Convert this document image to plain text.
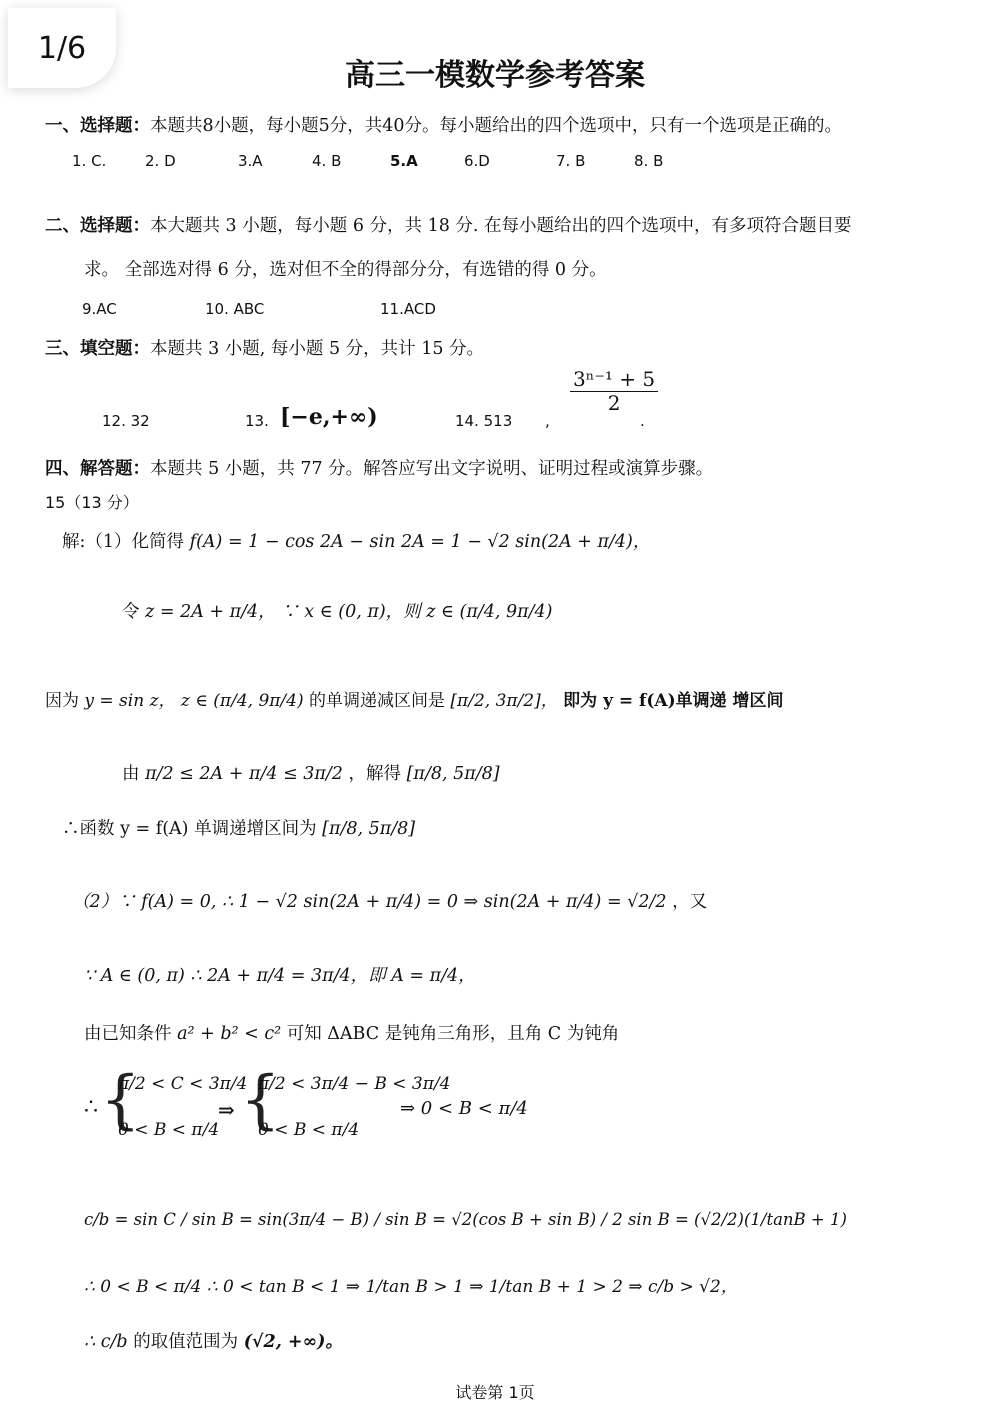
1/6
高三一模数学参考答案
一、选择题：本题共8小题，每小题5分，共40分。每小题给出的四个选项中，只有一个选项是正确的。
1. C.	2. D	3.A	4. B	5.A	6.D	7. B	8. B
二、选择题：本大题共 3 小题，每小题 6 分，共 18 分. 在每小题给出的四个选项中，有多项符合题目要
求。 全部选对得 6 分，选对但不全的得部分分，有选错的得 0 分。
9.AC	10. ABC	11.ACD
三、填空题：本题共 3 小题, 每小题 5 分，共计 15 分。
12. 32	13. [−e,+∞)	14. 513 ,
$\frac{\text{3ⁿ⁻¹ + 5}}{2}$
.
四、解答题：本题共 5 小题，共 77 分。解答应写出文字说明、证明过程或演算步骤。
15（13 分）
解:（1）化简得 f(A) = 1 − cos 2A − sin 2A = 1 − √2 sin(2A + π/4)，
令 z = 2A + π/4， ∵ x ∈ (0, π)，则 z ∈ (π/4, 9π/4)
因为 y = sin z， z ∈ (π/4, 9π/4) 的单调递减区间是 [π/2, 3π/2]， 即为 y = f(A)单调递 增区间
由 π/2 ≤ 2A + π/4 ≤ 3π/2 ，解得 [π/8, 5π/8]
∴函数 y = f(A) 单调递增区间为 [π/8, 5π/8]
（2）∵ f(A) = 0, ∴ 1 − √2 sin(2A + π/4) = 0 ⇒ sin(2A + π/4) = √2/2 ，又
∵ A ∈ (0, π) ∴ 2A + π/4 = 3π/4，即 A = π/4，
由已知条件 a² + b² < c² 可知 ΔABC 是钝角三角形，且角 C 为钝角
∴ {
π/2 < C < 3π/4
0 < B < π/4
⇒ {
π/2 < 3π/4 − B < 3π/4
0 < B < π/4
⇒ 0 < B < π/4
c/b = sin C / sin B = sin(3π/4 − B) / sin B = √2(cos B + sin B) / 2 sin B = (√2/2)(1/tanB + 1)
∴ 0 < B < π/4 ∴ 0 < tan B < 1 ⇒ 1/tan B > 1 ⇒ 1/tan B + 1 > 2 ⇒ c/b > √2，
∴ c/b 的取值范围为 (√2, +∞)。
试卷第 1页
